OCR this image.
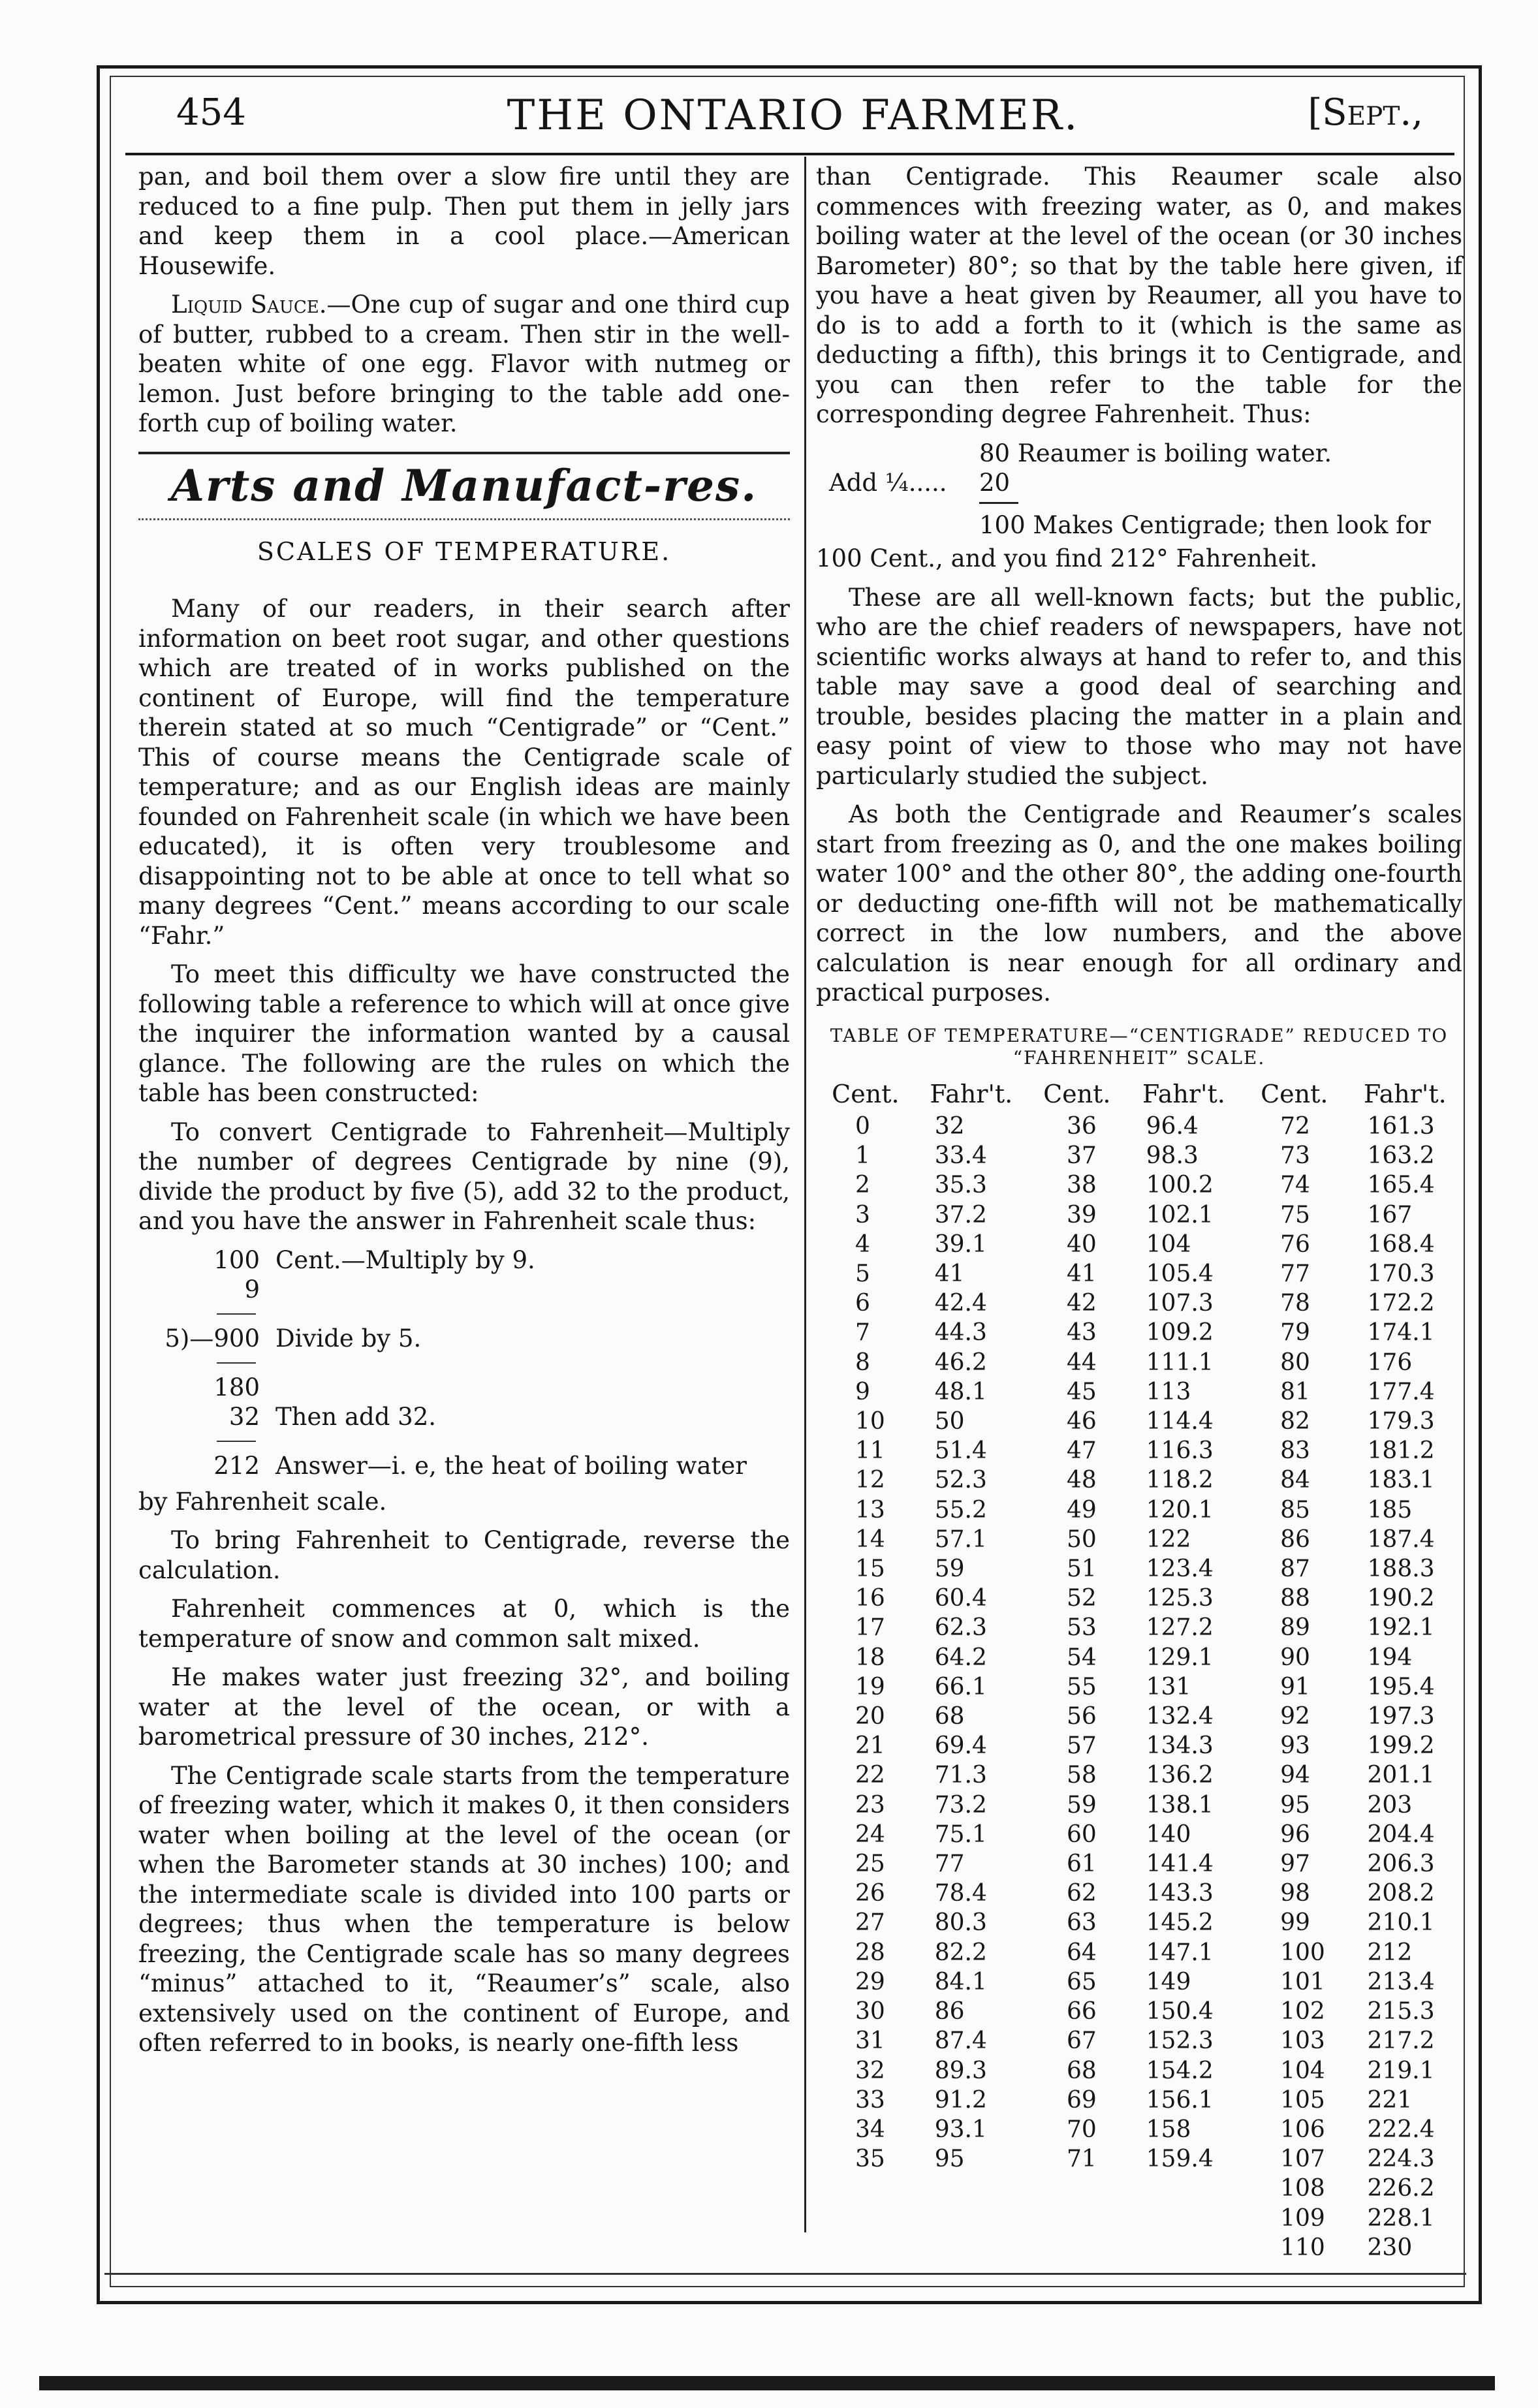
454	THE ONTARIO FARMER.	[Sept.,

pan, and boil them over a slow fire until they are reduced to a fine pulp. Then put them in jelly jars and keep them in a cool place.—American Housewife.

Liquid Sauce.—One cup of sugar and one third cup of butter, rubbed to a cream. Then stir in the well-beaten white of one egg. Flavor with nutmeg or lemon. Just before bringing to the table add one-forth cup of boiling water.

Arts and Manufact-res.
SCALES OF TEMPERATURE.

Many of our readers, in their search after information on beet root sugar, and other questions which are treated of in works published on the continent of Europe, will find the temperature therein stated at so much “Centigrade” or “Cent.” This of course means the Centigrade scale of temperature; and as our English ideas are mainly founded on Fahrenheit scale (in which we have been educated), it is often very troublesome and disappointing not to be able at once to tell what so many degrees “Cent.” means according to our scale “Fahr.”

To meet this difficulty we have constructed the following table a reference to which will at once give the inquirer the information wanted by a causal glance. The following are the rules on which the table has been constructed:

To convert Centigrade to Fahrenheit—Multiply the number of degrees Centigrade by nine (9), divide the product by five (5), add 32 to the product, and you have the answer in Fahrenheit scale thus:

100 Cent.—Multiply by 9.
9
5)—900 Divide by 5.
180
32 Then add 32.
212 Answer—i. e, the heat of boiling water

by Fahrenheit scale.

To bring Fahrenheit to Centigrade, reverse the calculation.

Fahrenheit commences at 0, which is the temperature of snow and common salt mixed.

He makes water just freezing 32°, and boiling water at the level of the ocean, or with a barometrical pressure of 30 inches, 212°.

The Centigrade scale starts from the temperature of freezing water, which it makes 0, it then considers water when boiling at the level of the ocean (or when the Barometer stands at 30 inches) 100; and the intermediate scale is divided into 100 parts or degrees; thus when the temperature is below freezing, the Centigrade scale has so many degrees “minus” attached to it, “Reaumer’s” scale, also extensively used on the continent of Europe, and often referred to in books, is nearly one-fifth less

than Centigrade. This Reaumer scale also commences with freezing water, as 0, and makes boiling water at the level of the ocean (or 30 inches Barometer) 80°; so that by the table here given, if you have a heat given by Reaumer, all you have to do is to add a forth to it (which is the same as deducting a fifth), this brings it to Centigrade, and you can then refer to the table for the corresponding degree Fahrenheit. Thus:

80 Reaumer is boiling water.
Add ¼.....	20
100 Makes Centigrade; then look for

100 Cent., and you find 212° Fahrenheit.

These are all well-known facts; but the public, who are the chief readers of newspapers, have not scientific works always at hand to refer to, and this table may save a good deal of searching and trouble, besides placing the matter in a plain and easy point of view to those who may not have particularly studied the subject.

As both the Centigrade and Reaumer’s scales start from freezing as 0, and the one makes boiling water 100° and the other 80°, the adding one-fourth or deducting one-fifth will not be mathematically correct in the low numbers, and the above calculation is near enough for all ordinary and practical purposes.

TABLE OF TEMPERATURE—“CENTIGRADE” REDUCED TO “FAHRENHEIT” SCALE.
Cent.	Fahr't.	Cent.	Fahr't.	Cent.	Fahr't.
0	32	36	96.4	72	161.3
1	33.4	37	98.3	73	163.2
2	35.3	38	100.2	74	165.4
3	37.2	39	102.1	75	167
4	39.1	40	104	76	168.4
5	41	41	105.4	77	170.3
6	42.4	42	107.3	78	172.2
7	44.3	43	109.2	79	174.1
8	46.2	44	111.1	80	176
9	48.1	45	113	81	177.4
10	50	46	114.4	82	179.3
11	51.4	47	116.3	83	181.2
12	52.3	48	118.2	84	183.1
13	55.2	49	120.1	85	185
14	57.1	50	122	86	187.4
15	59	51	123.4	87	188.3
16	60.4	52	125.3	88	190.2
17	62.3	53	127.2	89	192.1
18	64.2	54	129.1	90	194
19	66.1	55	131	91	195.4
20	68	56	132.4	92	197.3
21	69.4	57	134.3	93	199.2
22	71.3	58	136.2	94	201.1
23	73.2	59	138.1	95	203
24	75.1	60	140	96	204.4
25	77	61	141.4	97	206.3
26	78.4	62	143.3	98	208.2
27	80.3	63	145.2	99	210.1
28	82.2	64	147.1	100	212
29	84.1	65	149	101	213.4
30	86	66	150.4	102	215.3
31	87.4	67	152.3	103	217.2
32	89.3	68	154.2	104	219.1
33	91.2	69	156.1	105	221
34	93.1	70	158	106	222.4
35	95	71	159.4	107	224.3
				108	226.2
				109	228.1
				110	230
